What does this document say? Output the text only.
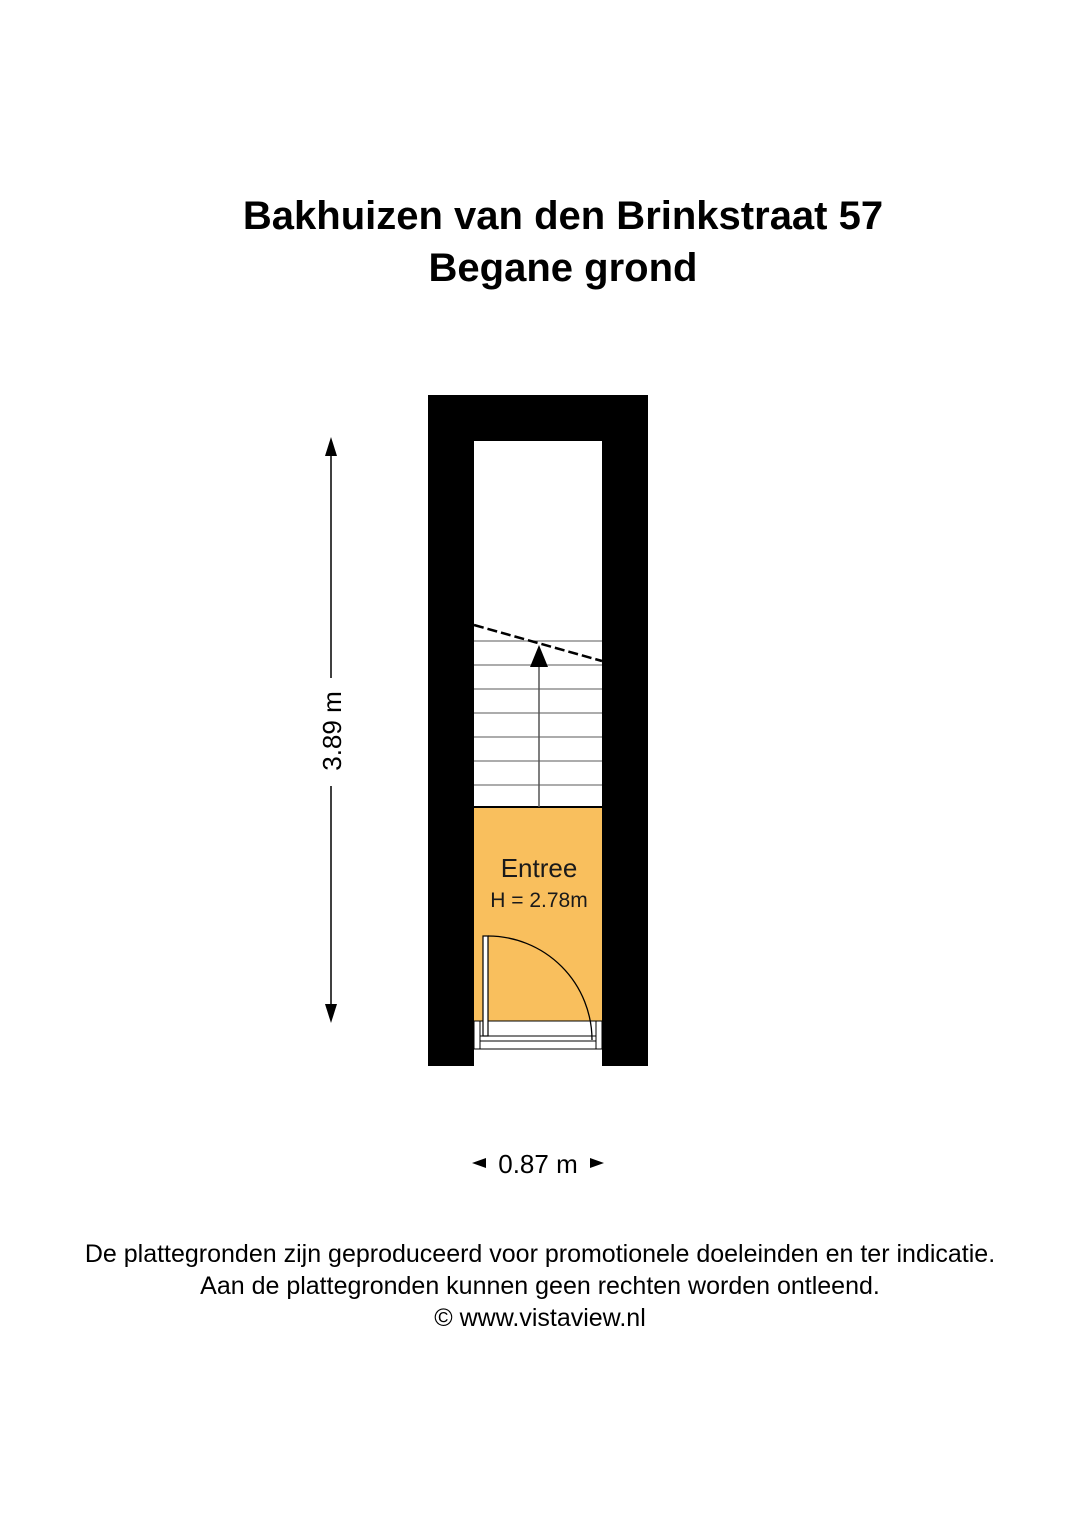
Bakhuizen van den Brinkstraat 57
Begane grond
Entree
H = 2.78m
3.89 m
0.87 m
De plattegronden zijn geproduceerd voor promotionele doeleinden en ter indicatie.
Aan de plattegronden kunnen geen rechten worden ontleend.
© www.vistaview.nl
